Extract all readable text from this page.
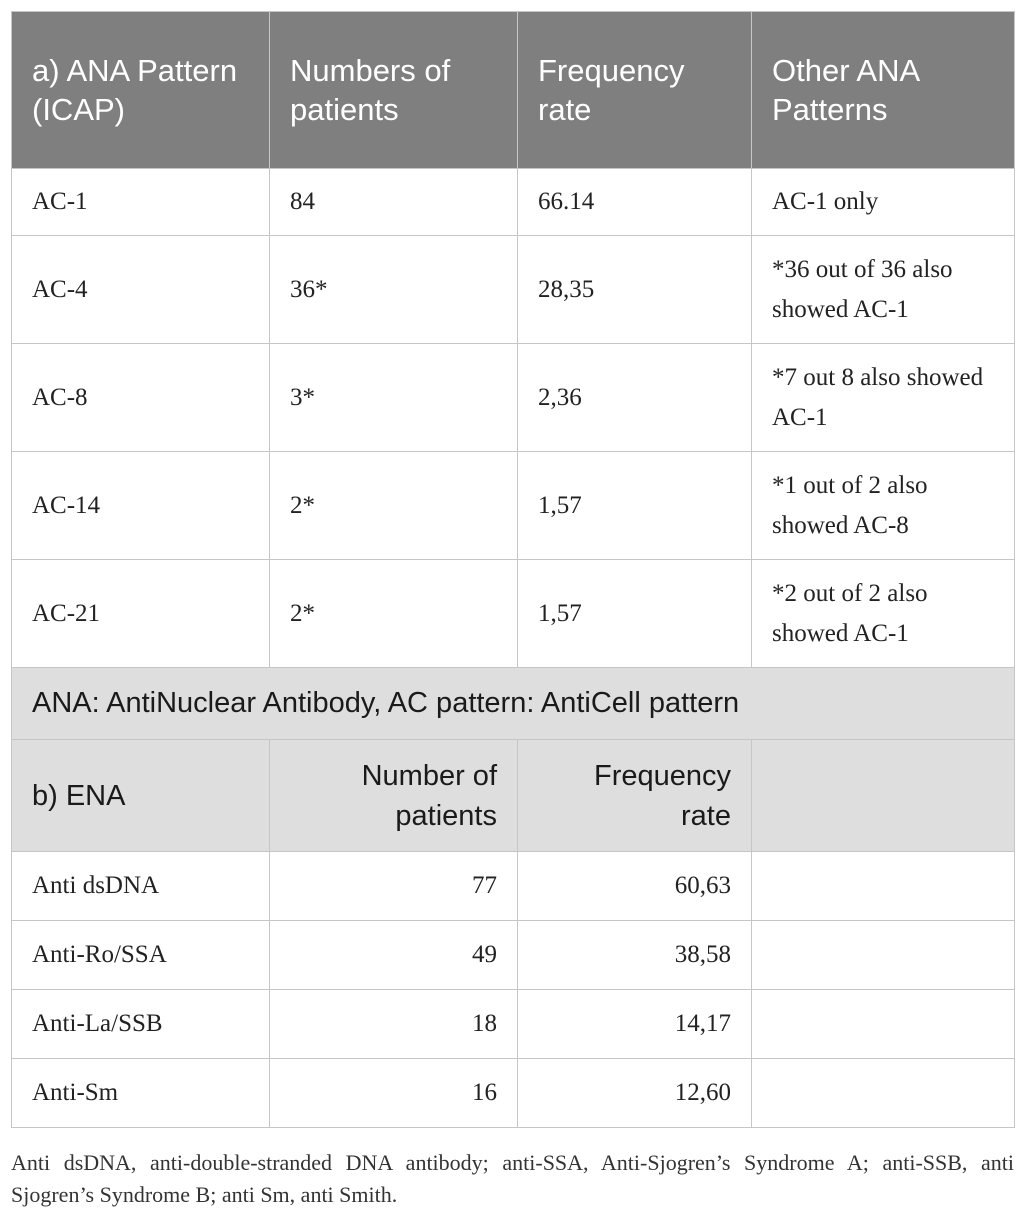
a) ANA Pattern (ICAP)	Numbers of patients	Frequency rate	Other ANA Patterns
AC-1	84	66.14	AC-1 only
AC-4	36*	28,35	*36 out of 36 also showed AC-1
AC-8	3*	2,36	*7 out 8 also showed AC-1
AC-14	2*	1,57	*1 out of 2 also showed AC-8
AC-21	2*	1,57	*2 out of 2 also showed AC-1
ANA: AntiNuclear Antibody, AC pattern: AntiCell pattern			
b) ENA	Number of patients	Frequency rate	
Anti dsDNA	77	60,63	
Anti-Ro/SSA	49	38,58	
Anti-La/SSB	18	14,17	
Anti-Sm	16	12,60	
Anti dsDNA, anti-double-stranded DNA antibody; anti-SSA, Anti-Sjogren’s Syndrome A; anti-SSB, anti Sjogren’s Syndrome B; anti Sm, anti Smith.
